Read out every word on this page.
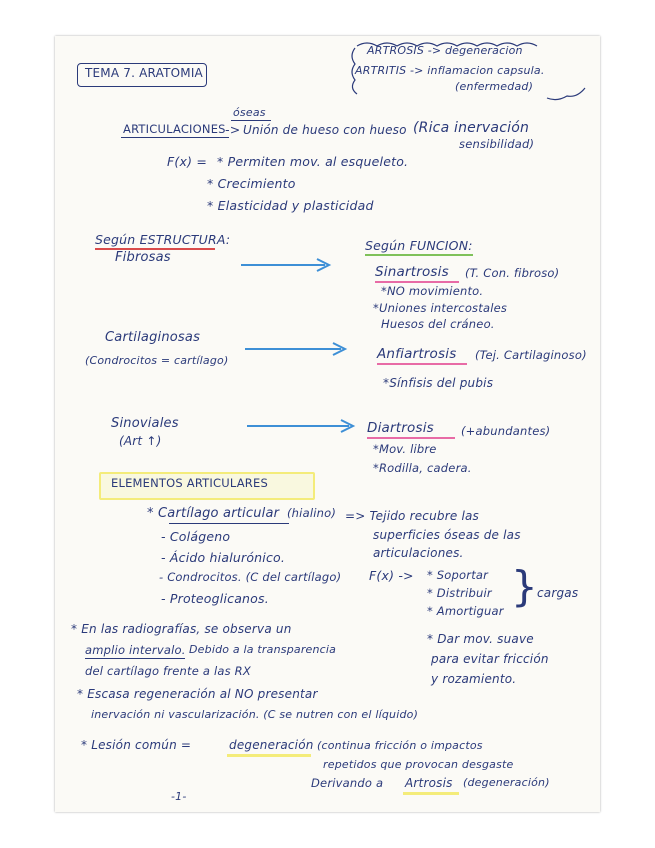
TEMA 7. ARATOMIA
ARTROSIS -> degeneracion
ARTRITIS -> inflamacion capsula.
(enfermedad)
óseas
ARTICULACIONES -> Unión de hueso con hueso (Rica inervación
sensibilidad)
F(x) = * Permiten mov. al esqueleto.
* Crecimiento
* Elasticidad y plasticidad
Según ESTRUCTURA:	Según FUNCION:
Fibrosas
Sinartrosis (T. Con. fibroso)
*NO movimiento.
*Uniones intercostales
Huesos del cráneo.
Cartilaginosas
(Condrocitos = cartílago)	Anfiartrosis (Tej. Cartilaginoso)
*Sínfisis del pubis
Sinoviales
(Art ↑)
Diartrosis (+abundantes)
*Mov. libre
*Rodilla, cadera.
ELEMENTOS ARTICULARES
* Cartílago articular (hialino) => Tejido recubre las
superficies óseas de las
articulaciones.
- Colágeno
- Ácido hialurónico.
- Condrocitos. (C del cartílago)
- Proteoglicanos.
F(x) -> * Soportar
* Distribuir
* Amortiguar } cargas
* En las radiografías, se observa un
amplio intervalo. Debido a la transparencia
del cartílago frente a las RX
* Dar mov. suave
para evitar fricción
y rozamiento.
* Escasa regeneración al NO presentar
inervación ni vascularización. (C se nutren con el líquido)
* Lesión común =	degeneración (continua fricción o impactos
repetidos que provocan desgaste
Derivando a Artrosis (degeneración)
-1-
